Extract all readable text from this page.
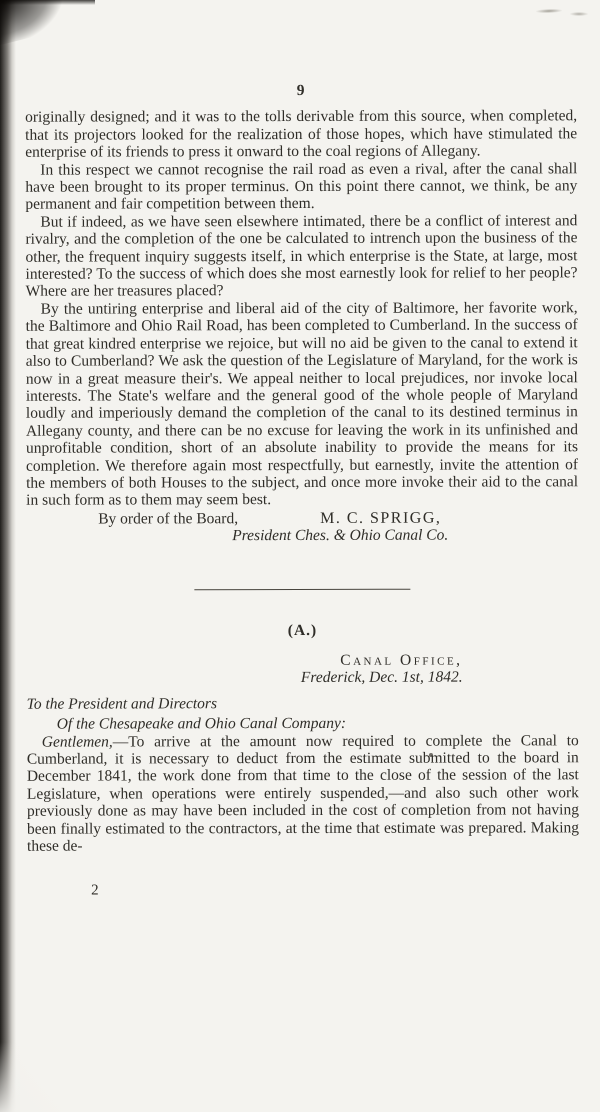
9

originally designed; and it was to the tolls derivable from this source, when completed, that its projectors looked for the realization of those hopes, which have stimulated the enterprise of its friends to press it onward to the coal regions of Allegany.

In this respect we cannot recognise the rail road as even a rival, after the canal shall have been brought to its proper terminus. On this point there cannot, we think, be any permanent and fair competition between them.

But if indeed, as we have seen elsewhere intimated, there be a conflict of interest and rivalry, and the completion of the one be calculated to intrench upon the business of the other, the frequent inquiry suggests itself, in which enterprise is the State, at large, most interested? To the success of which does she most earnestly look for relief to her people? Where are her treasures placed?

By the untiring enterprise and liberal aid of the city of Baltimore, her favorite work, the Baltimore and Ohio Rail Road, has been completed to Cumberland. In the success of that great kindred enterprise we rejoice, but will no aid be given to the canal to extend it also to Cumberland? We ask the question of the Legislature of Maryland, for the work is now in a great measure their's. We appeal neither to local prejudices, nor invoke local interests. The State's welfare and the general good of the whole people of Maryland loudly and imperiously demand the completion of the canal to its destined terminus in Allegany county, and there can be no excuse for leaving the work in its unfinished and unprofitable condition, short of an absolute inability to provide the means for its completion. We therefore again most respectfully, but earnestly, invite the attention of the members of both Houses to the subject, and once more invoke their aid to the canal in such form as to them may seem best.

By order of the Board,	M. C. SPRIGG,
President Ches. & Ohio Canal Co.
(A.)
Canal Office,
Frederick, Dec. 1st, 1842.
To the President and Directors
Of the Chesapeake and Ohio Canal Company:

Gentlemen,—To arrive at the amount now required to complete the Canal to Cumberland, it is necessary to deduct from the estimate submitted to the board in December 1841, the work done from that time to the close of the session of the last Legislature, when operations were entirely suspended,—and also such other work previously done as may have been included in the cost of completion from not having been finally estimated to the contractors, at the time that estimate was prepared. Making these de-

2
